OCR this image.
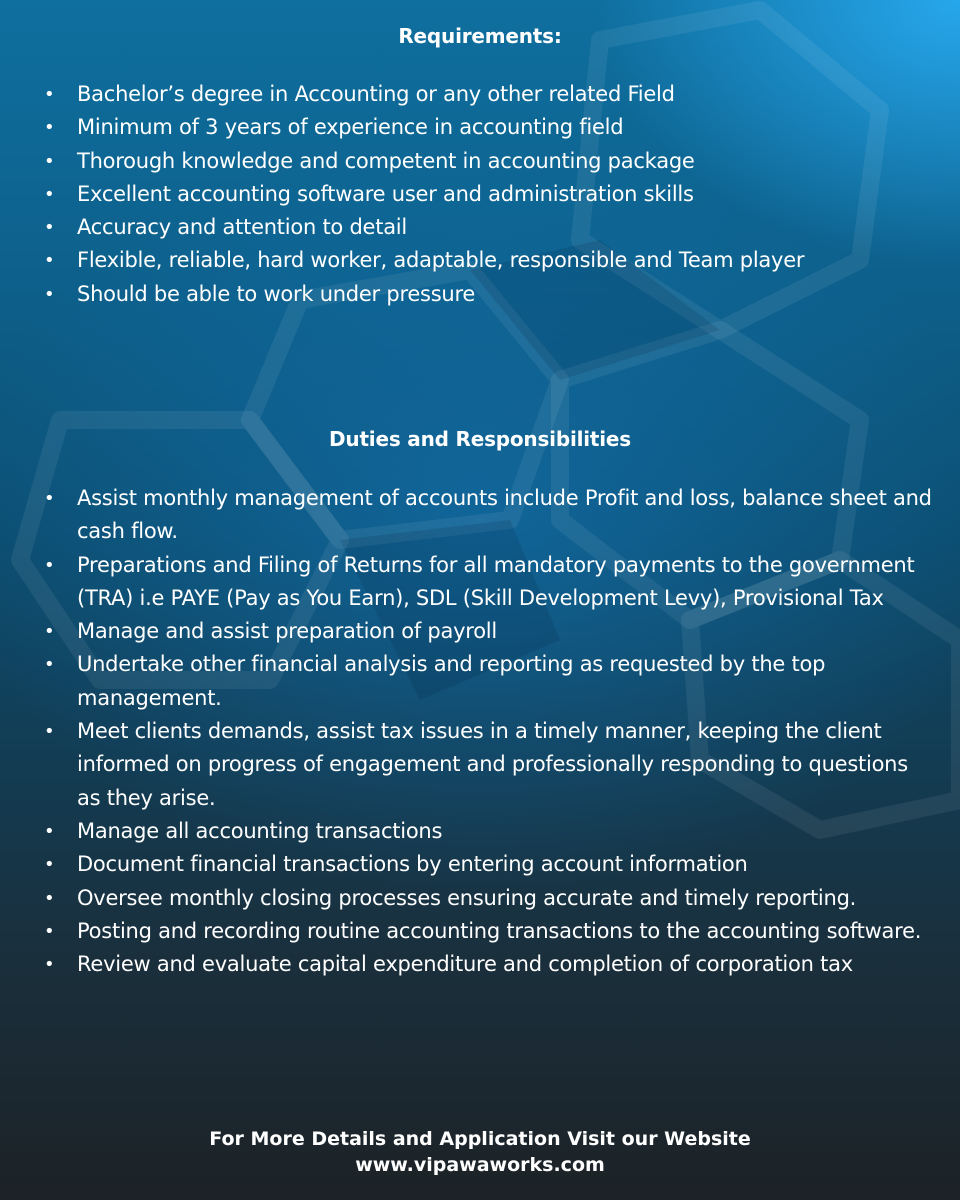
Requirements:
• Bachelor’s degree in Accounting or any other related Field
• Minimum of 3 years of experience in accounting field
• Thorough knowledge and competent in accounting package
• Excellent accounting software user and administration skills
• Accuracy and attention to detail
• Flexible, reliable, hard worker, adaptable, responsible and Team player
• Should be able to work under pressure
Duties and Responsibilities
• Assist monthly management of accounts include Profit and loss, balance sheet and cash flow.
• Preparations and Filing of Returns for all mandatory payments to the government (TRA) i.e PAYE (Pay as You Earn), SDL (Skill Development Levy), Provisional Tax
• Manage and assist preparation of payroll
• Undertake other financial analysis and reporting as requested by the top management.
• Meet clients demands, assist tax issues in a timely manner, keeping the client informed on progress of engagement and professionally responding to questions as they arise.
• Manage all accounting transactions
• Document financial transactions by entering account information
• Oversee monthly closing processes ensuring accurate and timely reporting.
• Posting and recording routine accounting transactions to the accounting software.
• Review and evaluate capital expenditure and completion of corporation tax
For More Details and Application Visit our Website
www.vipawaworks.com
